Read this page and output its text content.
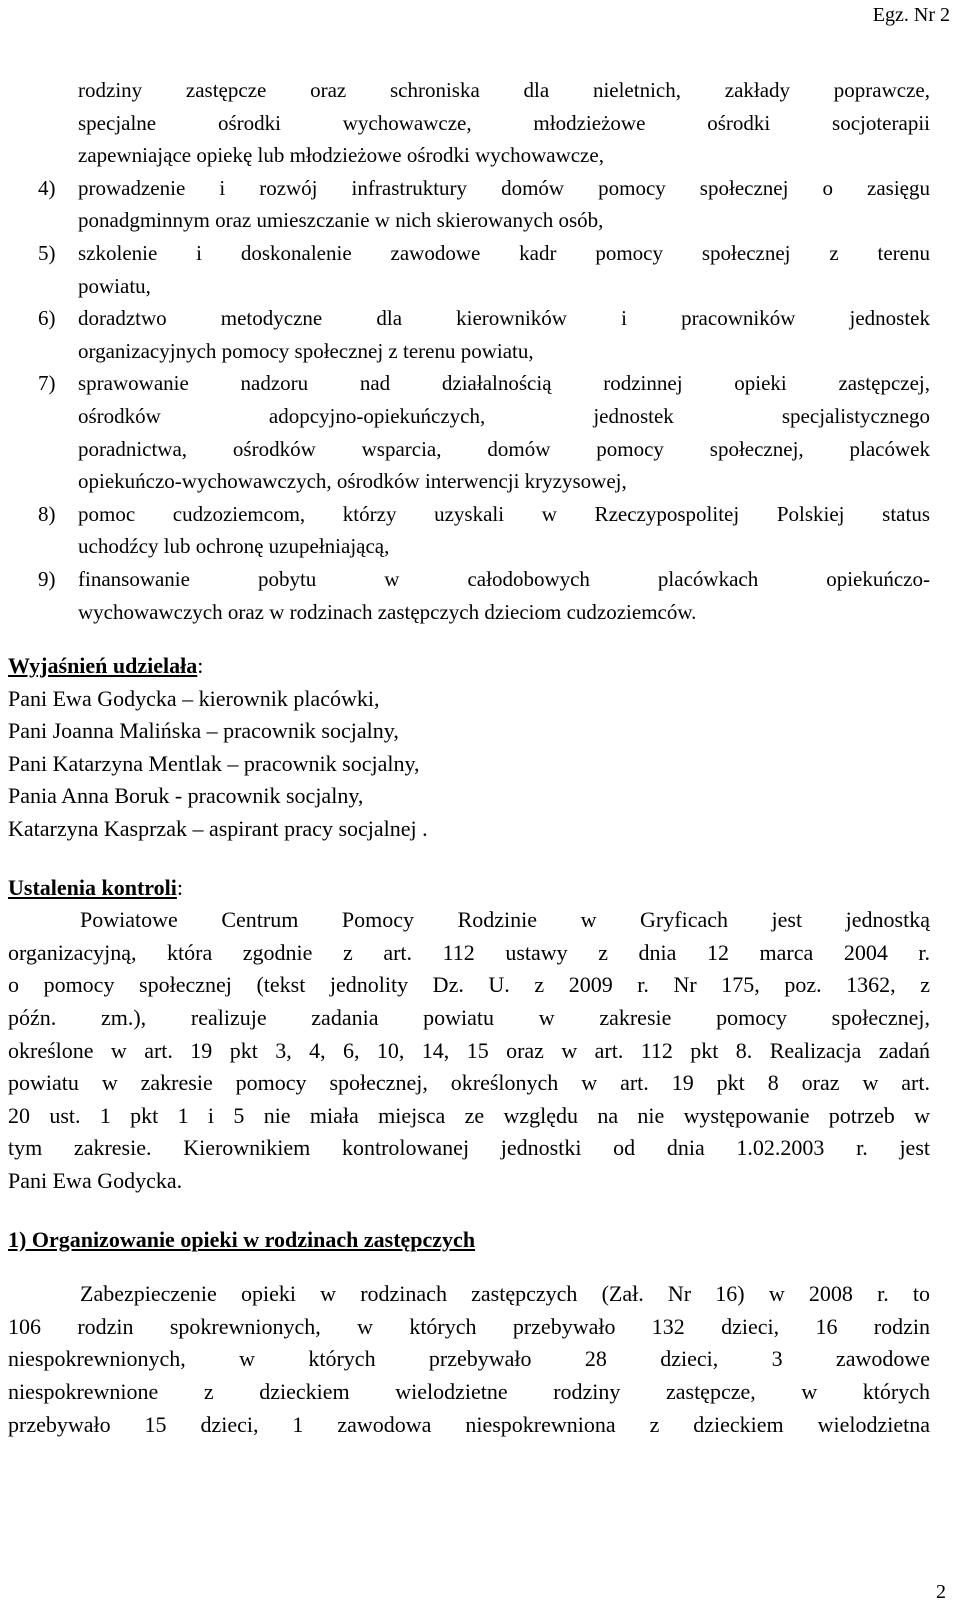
Egz. Nr 2
rodziny zastępcze oraz schroniska dla nieletnich, zakłady poprawcze,
specjalne ośrodki wychowawcze, młodzieżowe ośrodki socjoterapii
zapewniające opiekę lub młodzieżowe ośrodki wychowawcze,
4) prowadzenie i rozwój infrastruktury domów pomocy społecznej o zasięgu
ponadgminnym oraz umieszczanie w nich skierowanych osób,
5) szkolenie i doskonalenie zawodowe kadr pomocy społecznej z terenu
powiatu,
6) doradztwo metodyczne dla kierowników i pracowników jednostek
organizacyjnych pomocy społecznej z terenu powiatu,
7) sprawowanie nadzoru nad działalnością rodzinnej opieki zastępczej,
ośrodków adopcyjno-opiekuńczych, jednostek specjalistycznego
poradnictwa, ośrodków wsparcia, domów pomocy społecznej, placówek
opiekuńczo-wychowawczych, ośrodków interwencji kryzysowej,
8) pomoc cudzoziemcom, którzy uzyskali w Rzeczypospolitej Polskiej status
uchodźcy lub ochronę uzupełniającą,
9) finansowanie pobytu w całodobowych placówkach opiekuńczo-
wychowawczych oraz w rodzinach zastępczych dzieciom cudzoziemców.
Wyjaśnień udzielała:
Pani Ewa Godycka – kierownik placówki,
Pani Joanna Malińska – pracownik socjalny,
Pani Katarzyna Mentlak – pracownik socjalny,
Pania Anna Boruk - pracownik socjalny,
Katarzyna Kasprzak – aspirant pracy socjalnej .
Ustalenia kontroli:
Powiatowe Centrum Pomocy Rodzinie w Gryficach jest jednostką
organizacyjną, która zgodnie z art. 112 ustawy z dnia 12 marca 2004 r.
o pomocy społecznej (tekst jednolity Dz. U. z 2009 r. Nr 175, poz. 1362, z
późn. zm.), realizuje zadania powiatu w zakresie pomocy społecznej,
określone w art. 19 pkt 3, 4, 6, 10, 14, 15 oraz w art. 112 pkt 8. Realizacja zadań
powiatu w zakresie pomocy społecznej, określonych w art. 19 pkt 8 oraz w art.
20 ust. 1 pkt 1 i 5 nie miała miejsca ze względu na nie występowanie potrzeb w
tym zakresie. Kierownikiem kontrolowanej jednostki od dnia 1.02.2003 r. jest
Pani Ewa Godycka.
1) Organizowanie opieki w rodzinach zastępczych
Zabezpieczenie opieki w rodzinach zastępczych (Zał. Nr 16) w 2008 r. to
106 rodzin spokrewnionych, w których przebywało 132 dzieci, 16 rodzin
niespokrewnionych, w których przebywało 28 dzieci, 3 zawodowe
niespokrewnione z dzieckiem wielodzietne rodziny zastępcze, w których
przebywało 15 dzieci, 1 zawodowa niespokrewniona z dzieckiem wielodzietna
2
